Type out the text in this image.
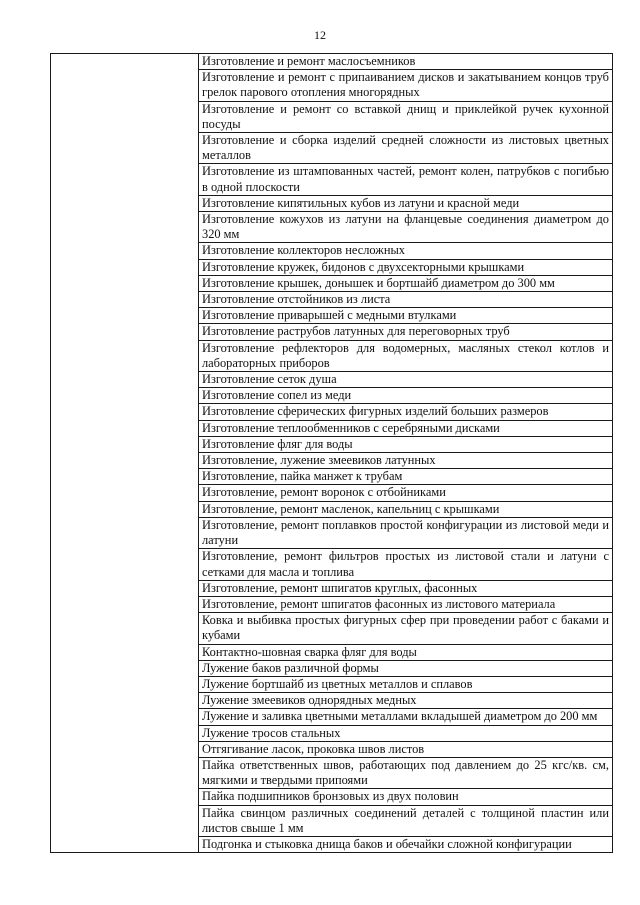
12
	Изготовление и ремонт маслосъемников
Изготовление и ремонт с припаиванием дисков и закатыванием концов труб грелок парового отопления многорядных
Изготовление и ремонт со вставкой днищ и приклейкой ручек кухонной посуды
Изготовление и сборка изделий средней сложности из листовых цветных металлов
Изготовление из штампованных частей, ремонт колен, патрубков с погибью в одной плоскости
Изготовление кипятильных кубов из латуни и красной меди
Изготовление кожухов из латуни на фланцевые соединения диаметром до 320 мм
Изготовление коллекторов несложных
Изготовление кружек, бидонов с двухсекторными крышками
Изготовление крышек, донышек и бортшайб диаметром до 300 мм
Изготовление отстойников из листа
Изготовление приварышей с медными втулками
Изготовление раструбов латунных для переговорных труб
Изготовление рефлекторов для водомерных, масляных стекол котлов и лабораторных приборов
Изготовление сеток душа
Изготовление сопел из меди
Изготовление сферических фигурных изделий больших размеров
Изготовление теплообменников с серебряными дисками
Изготовление фляг для воды
Изготовление, лужение змеевиков латунных
Изготовление, пайка манжет к трубам
Изготовление, ремонт воронок с отбойниками
Изготовление, ремонт масленок, капельниц с крышками
Изготовление, ремонт поплавков простой конфигурации из листовой меди и латуни
Изготовление, ремонт фильтров простых из листовой стали и латуни с сетками для масла и топлива
Изготовление, ремонт шпигатов круглых, фасонных
Изготовление, ремонт шпигатов фасонных из листового материала
Ковка и выбивка простых фигурных сфер при проведении работ с баками и кубами
Контактно-шовная сварка фляг для воды
Лужение баков различной формы
Лужение бортшайб из цветных металлов и сплавов
Лужение змеевиков однорядных медных
Лужение и заливка цветными металлами вкладышей диаметром до 200 мм
Лужение тросов стальных
Отгягивание ласок, проковка швов листов
Пайка ответственных швов, работающих под давлением до 25 кгс/кв. см, мягкими и твердыми припоями
Пайка подшипников бронзовых из двух половин
Пайка свинцом различных соединений деталей с толщиной пластин или листов свыше 1 мм
Подгонка и стыковка днища баков и обечайки сложной конфигурации
